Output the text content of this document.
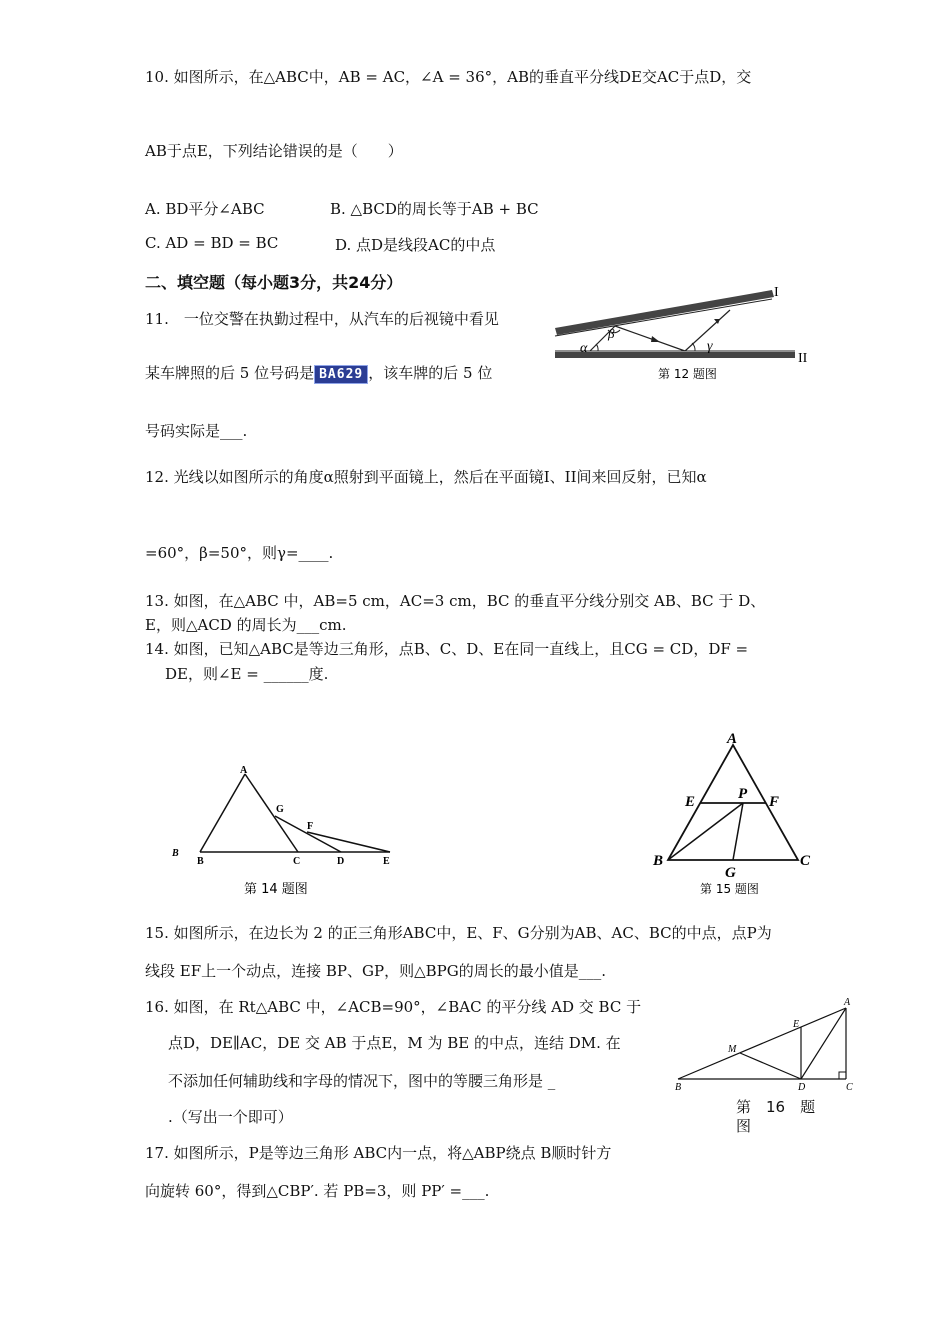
10. 如图所示，在△ABC中，AB = AC，∠A = 36°，AB的垂直平分线DE交AC于点D，交
AB于点E，下列结论错误的是（　　）
A. BD平分∠ABC	B. △BCD的周长等于AB + BC
C. AD = BD = BC	D. 点D是线段AC的中点
二、填空题（每小题3分，共24分）
11.　一位交警在执勤过程中，从汽车的后视镜中看见
某车牌照的后 5 位号码是 BA629 ，该车牌的后 5 位
号码实际是___.
α
β
γ
I
II
第 12 题图
12. 光线以如图所示的角度α照射到平面镜上，然后在平面镜I、II间来回反射，已知α
=60°，β=50°，则γ=____.
13. 如图，在△ABC 中，AB=5 cm，AC=3 cm，BC 的垂直平分线分别交 AB、BC 于 D、
E，则△ACD 的周长为___cm.
14. 如图，已知△ABC是等边三角形，点B、C、D、E在同一直线上，且CG = CD，DF =
DE，则∠E = ______度.
A
B
B
C	D	E
F
G
第 14 题图
A
B	C
E	F
P
G
第 15 题图
15. 如图所示，在边长为 2 的正三角形ABC中，E、F、G分别为AB、AC、BC的中点，点P为
线段 EF上一个动点，连接 BP、GP，则△BPG的周长的最小值是___.
16. 如图，在 Rt△ABC 中，∠ACB=90°，∠BAC 的平分线 AD 交 BC 于
点D，DE∥AC，DE 交 AB 于点E，M 为 BE 的中点，连结 DM. 在
不添加任何辅助线和字母的情况下，图中的等腰三角形是 _
.（写出一个即可）
A
B	C
D
E
M
第　16　题
图
17. 如图所示，P是等边三角形 ABC内一点，将△ABP绕点 B顺时针方
向旋转 60°，得到△CBP′. 若 PB=3，则 PP′ =___.
